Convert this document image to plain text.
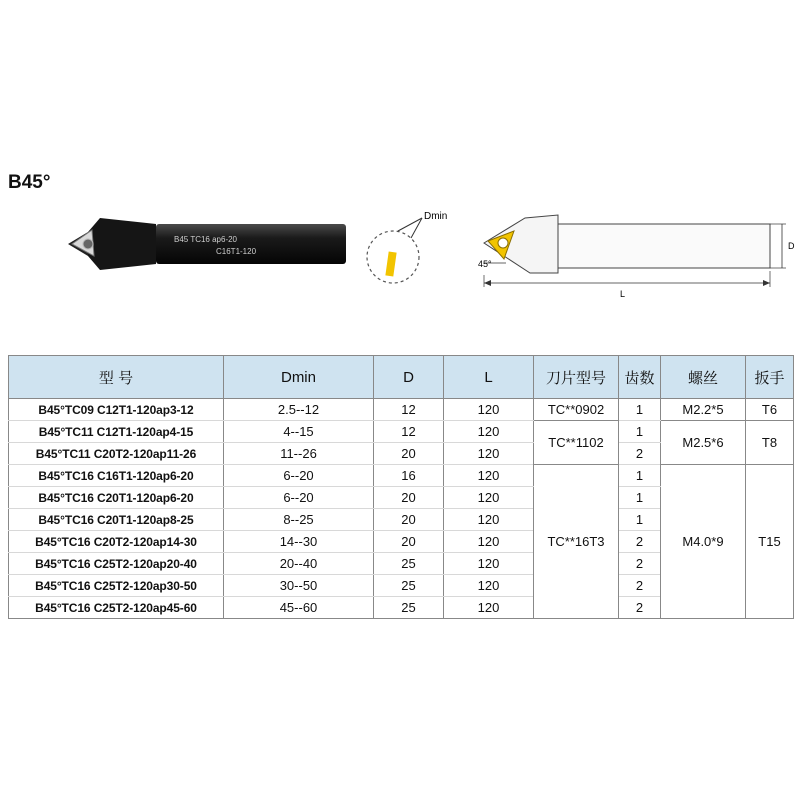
B45°
B45 TC16 ap6-20
C16T1-120
Dmin
45°
D
L
型 号	Dmin	D	L	刀片型号	齿数	螺丝	扳手
B45°TC09 C12T1-120ap3-12	2.5--12	12	120	TC**0902	1	M2.2*5	T6
B45°TC11 C12T1-120ap4-15	4--15	12	120	TC**1102	1	M2.5*6	T8
B45°TC11 C20T2-120ap11-26	11--26	20	120		2		
B45°TC16 C16T1-120ap6-20	6--20	16	120	TC**16T3	1	M4.0*9	T15
B45°TC16 C20T1-120ap6-20	6--20	20	120		1		
B45°TC16 C20T1-120ap8-25	8--25	20	120		1		
B45°TC16 C20T2-120ap14-30	14--30	20	120		2		
B45°TC16 C25T2-120ap20-40	20--40	25	120		2		
B45°TC16 C25T2-120ap30-50	30--50	25	120		2		
B45°TC16 C25T2-120ap45-60	45--60	25	120		2		
